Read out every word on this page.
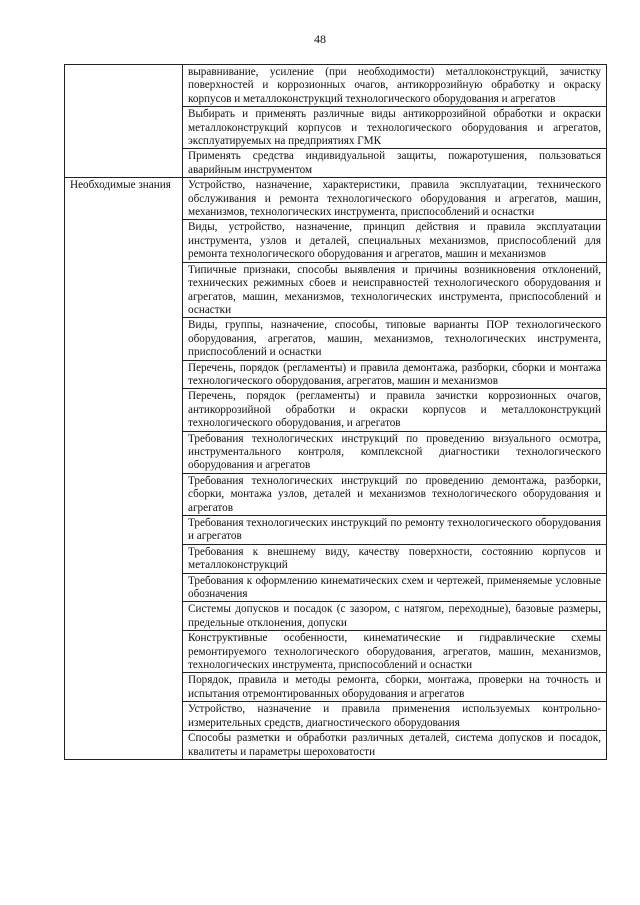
48
	выравнивание, усиление (при необходимости) металлоконструкций, зачистку поверхностей и коррозионных очагов, антикоррозийную обработку и окраску корпусов и металлоконструкций технологического оборудования и агрегатов
	Выбирать и применять различные виды антикоррозийной обработки и окраски металлоконструкций корпусов и технологического оборудования и агрегатов, эксплуатируемых на предприятиях ГМК
	Применять средства индивидуальной защиты, пожаротушения, пользоваться аварийным инструментом
Необходимые знания	Устройство, назначение, характеристики, правила эксплуатации, технического обслуживания и ремонта технологического оборудования и агрегатов, машин, механизмов, технологических инструмента, приспособлений и оснастки
	Виды, устройство, назначение, принцип действия и правила эксплуатации инструмента, узлов и деталей, специальных механизмов, приспособлений для ремонта технологического оборудования и агрегатов, машин и механизмов
	Типичные признаки, способы выявления и причины возникновения отклонений, технических режимных сбоев и неисправностей технологического оборудования и агрегатов, машин, механизмов, технологических инструмента, приспособлений и оснастки
	Виды, группы, назначение, способы, типовые варианты ПОР технологического оборудования, агрегатов, машин, механизмов, технологических инструмента, приспособлений и оснастки
	Перечень, порядок (регламенты) и правила демонтажа, разборки, сборки и монтажа технологического оборудования, агрегатов, машин и механизмов
	Перечень, порядок (регламенты) и правила зачистки коррозионных очагов, антикоррозийной обработки и окраски корпусов и металлоконструкций технологического оборудования, и агрегатов
	Требования технологических инструкций по проведению визуального осмотра, инструментального контроля, комплексной диагностики технологического оборудования и агрегатов
	Требования технологических инструкций по проведению демонтажа, разборки, сборки, монтажа узлов, деталей и механизмов технологического оборудования и агрегатов
	Требования технологических инструкций по ремонту технологического оборудования и агрегатов
	Требования к внешнему виду, качеству поверхности, состоянию корпусов и металлоконструкций
	Требования к оформлению кинематических схем и чертежей, применяемые условные обозначения
	Системы допусков и посадок (с зазором, с натягом, переходные), базовые размеры, предельные отклонения, допуски
	Конструктивные особенности, кинематические и гидравлические схемы ремонтируемого технологического оборудования, агрегатов, машин, механизмов, технологических инструмента, приспособлений и оснастки
	Порядок, правила и методы ремонта, сборки, монтажа, проверки на точность и испытания отремонтированных оборудования и агрегатов
	Устройство, назначение и правила применения используемых контрольно-измерительных средств, диагностического оборудования
	Способы разметки и обработки различных деталей, система допусков и посадок, квалитеты и параметры шероховатости
